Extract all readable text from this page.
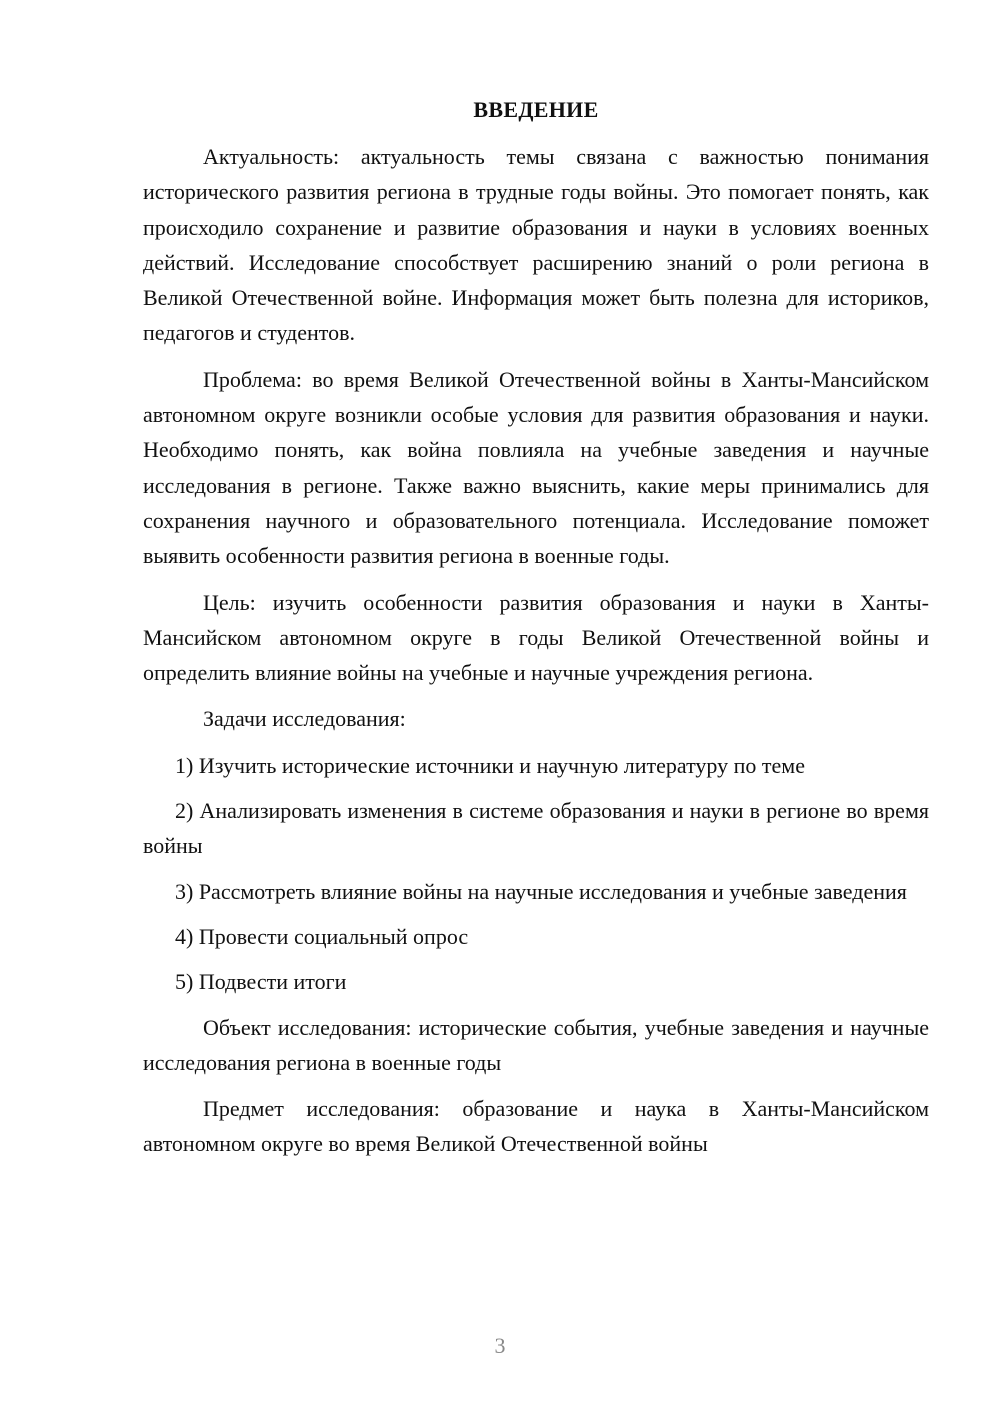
ВВЕДЕНИЕ

Актуальность: актуальность темы связана с важностью понимания исторического развития региона в трудные годы войны. Это помогает понять, как происходило сохранение и развитие образования и науки в условиях военных действий. Исследование способствует расширению знаний о роли региона в Великой Отечественной войне. Информация может быть полезна для историков, педагогов и студентов.

Проблема: во время Великой Отечественной войны в Ханты-Мансийском автономном округе возникли особые условия для развития образования и науки. Необходимо понять, как война повлияла на учебные заведения и научные исследования в регионе. Также важно выяснить, какие меры принимались для сохранения научного и образовательного потенциала. Исследование поможет выявить особенности развития региона в военные годы.

Цель: изучить особенности развития образования и науки в Ханты-Мансийском автономном округе в годы Великой Отечественной войны и определить влияние войны на учебные и научные учреждения региона.

Задачи исследования:

1) Изучить исторические источники и научную литературу по теме

2) Анализировать изменения в системе образования и науки в регионе во время войны

3) Рассмотреть влияние войны на научные исследования и учебные заведения

4) Провести социальный опрос

5) Подвести итоги

Объект исследования: исторические события, учебные заведения и научные исследования региона в военные годы

Предмет исследования: образование и наука в Ханты-Мансийском автономном округе во время Великой Отечественной войны

3
